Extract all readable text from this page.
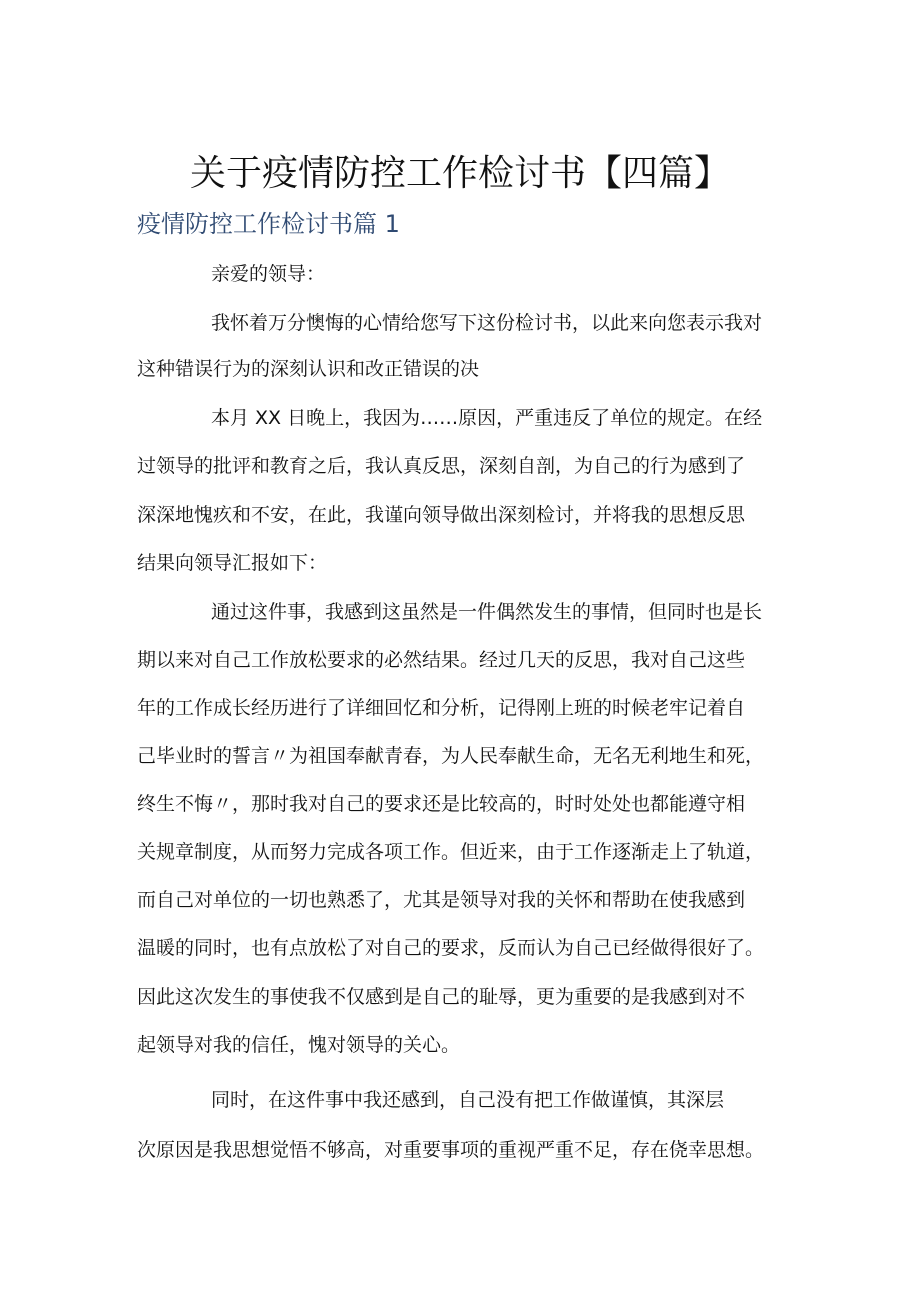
关于疫情防控工作检讨书【四篇】
疫情防控工作检讨书篇 1
亲爱的领导：
我怀着万分懊悔的心情给您写下这份检讨书，以此来向您表示我对
这种错误行为的深刻认识和改正错误的决
本月 XX 日晚上，我因为……原因，严重违反了单位的规定。在经
过领导的批评和教育之后，我认真反思，深刻自剖，为自己的行为感到了
深深地愧疚和不安，在此，我谨向领导做出深刻检讨，并将我的思想反思
结果向领导汇报如下：
通过这件事，我感到这虽然是一件偶然发生的事情，但同时也是长
期以来对自己工作放松要求的必然结果。经过几天的反思，我对自己这些
年的工作成长经历进行了详细回忆和分析，记得刚上班的时候老牢记着自
己毕业时的誓言〃为祖国奉献青春，为人民奉献生命，无名无利地生和死，
终生不悔〃，那时我对自己的要求还是比较高的，时时处处也都能遵守相
关规章制度，从而努力完成各项工作。但近来，由于工作逐渐走上了轨道，
而自己对单位的一切也熟悉了，尤其是领导对我的关怀和帮助在使我感到
温暖的同时，也有点放松了对自己的要求，反而认为自己已经做得很好了。
因此这次发生的事使我不仅感到是自己的耻辱，更为重要的是我感到对不
起领导对我的信任，愧对领导的关心。
同时，在这件事中我还感到，自己没有把工作做谨慎，其深层
次原因是我思想觉悟不够高，对重要事项的重视严重不足，存在侥幸思想。
